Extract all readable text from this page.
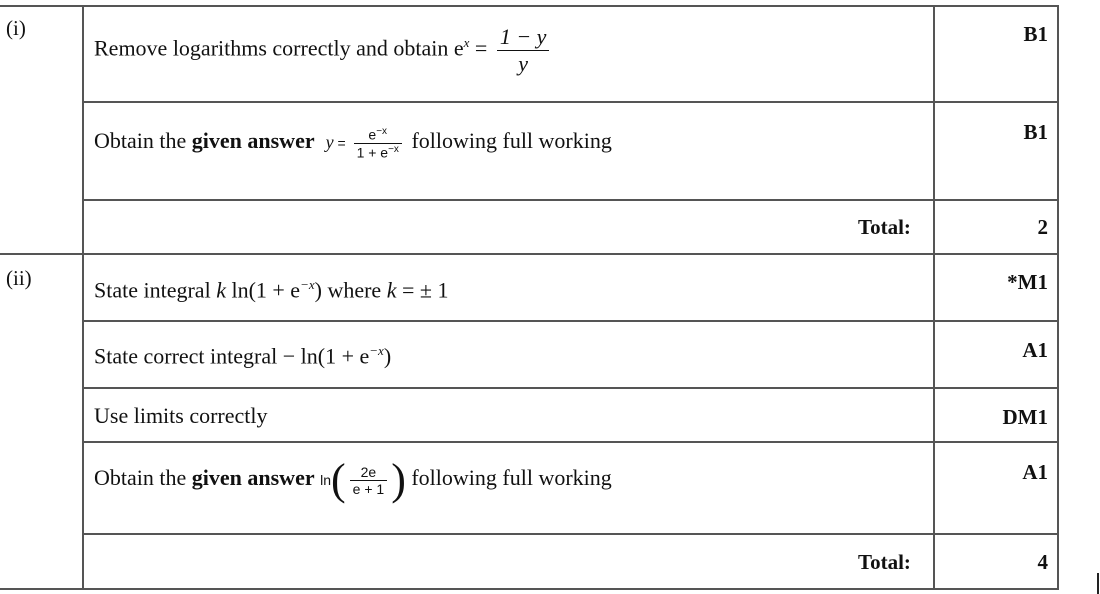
(i)
Remove logarithms correctly and obtain $e^x = \frac{1 - y}{y}$	B1
Obtain the given answer $y = \frac{e^{-x}}{1 + e^{-x}}$ following full working	B1
Total:	2
(ii)	State integral k $\ln(1 + e^{-x})$ where k = ± 1	*M1
State correct integral − $\ln(1 + e^{-x})$	A1
Use limits correctly	DM1
Obtain the given answer $\ln( \frac{2e}{e + 1}$ ) following full working	A1
Total:	4
